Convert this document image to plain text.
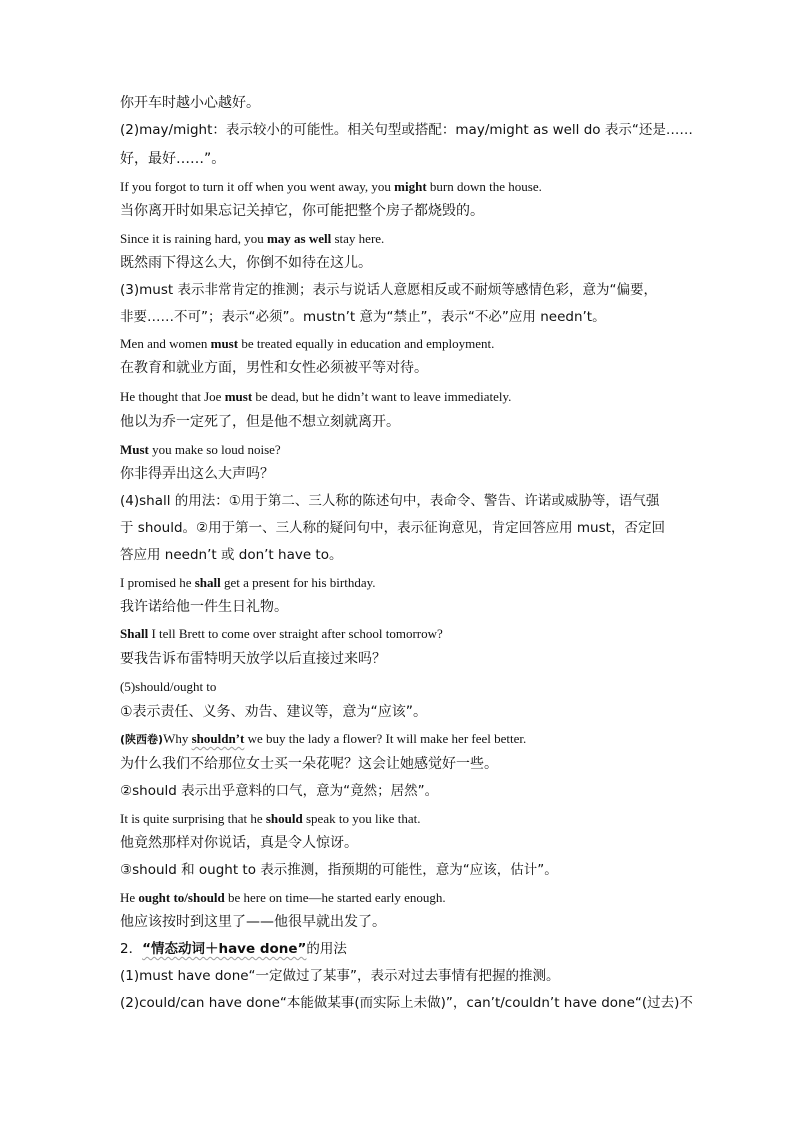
你开车时越小心越好。
(2)may/might：表示较小的可能性。相关句型或搭配：may/might as well do 表示“还是……
好，最好……”。
If you forgot to turn it off when you went away, you might burn down the house.
当你离开时如果忘记关掉它，你可能把整个房子都烧毁的。
Since it is raining hard, you may as well stay here.
既然雨下得这么大，你倒不如待在这儿。
(3)must 表示非常肯定的推测；表示与说话人意愿相反或不耐烦等感情色彩，意为“偏要，
非要……不可”；表示“必须”。mustn’t 意为“禁止”，表示“不必”应用 needn’t。
Men and women must be treated equally in education and employment.
在教育和就业方面，男性和女性必须被平等对待。
He thought that Joe must be dead, but he didn’t want to leave immediately.
他以为乔一定死了，但是他不想立刻就离开。
Must you make so loud noise?
你非得弄出这么大声吗？
(4)shall 的用法：①用于第二、三人称的陈述句中，表命令、警告、许诺或威胁等，语气强
于 should。②用于第一、三人称的疑问句中，表示征询意见，肯定回答应用 must，否定回
答应用 needn’t 或 don’t have to。
I promised he shall get a present for his birthday.
我许诺给他一件生日礼物。
Shall I tell Brett to come over straight after school tomorrow?
要我告诉布雷特明天放学以后直接过来吗？
(5)should/ought to
①表示责任、义务、劝告、建议等，意为“应该”。
(陕西卷)Why shouldn’t we buy the lady a flower? It will make her feel better.
为什么我们不给那位女士买一朵花呢？这会让她感觉好一些。
②should 表示出乎意料的口气，意为“竟然；居然”。
It is quite surprising that he should speak to you like that.
他竟然那样对你说话，真是令人惊讶。
③should 和 ought to 表示推测，指预期的可能性，意为“应该，估计”。
He ought to/should be here on time—he started early enough.
他应该按时到这里了——他很早就出发了。
2．“情态动词＋have done”的用法
(1)must have done“一定做过了某事”，表示对过去事情有把握的推测。
(2)could/can have done“本能做某事(而实际上未做)”，can’t/couldn’t have done“(过去)不
